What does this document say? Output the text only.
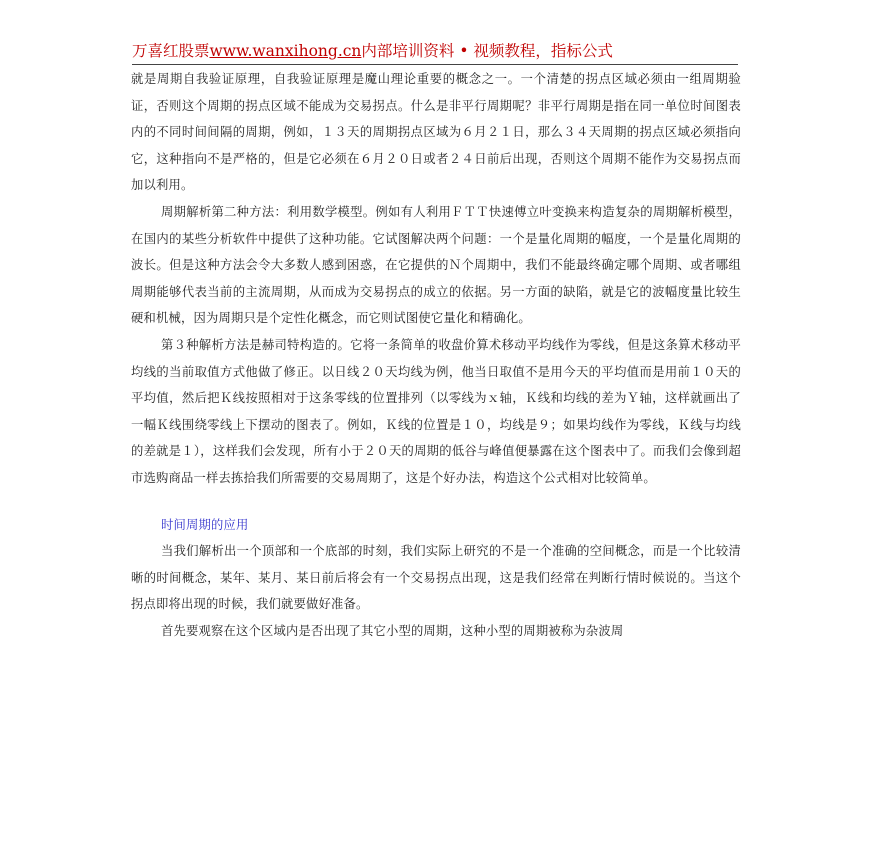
万喜红股票www.wanxihong.cn内部培训资料 • 视频教程，指标公式

就是周期自我验证原理，自我验证原理是魔山理论重要的概念之一。一个清楚的拐点区域必须由一组周期验证，否则这个周期的拐点区域不能成为交易拐点。什么是非平行周期呢？非平行周期是指在同一单位时间图表内的不同时间间隔的周期，例如，１３天的周期拐点区域为６月２１日，那么３４天周期的拐点区域必须指向它，这种指向不是严格的，但是它必须在６月２０日或者２４日前后出现，否则这个周期不能作为交易拐点而加以利用。

周期解析第二种方法：利用数学模型。例如有人利用ＦＴＴ快速傅立叶变换来构造复杂的周期解析模型，在国内的某些分析软件中提供了这种功能。它试图解决两个问题：一个是量化周期的幅度，一个是量化周期的波长。但是这种方法会令大多数人感到困惑，在它提供的Ｎ个周期中，我们不能最终确定哪个周期、或者哪组周期能够代表当前的主流周期，从而成为交易拐点的成立的依据。另一方面的缺陷，就是它的波幅度量比较生硬和机械，因为周期只是个定性化概念，而它则试图使它量化和精确化。

第３种解析方法是赫司特构造的。它将一条简单的收盘价算术移动平均线作为零线，但是这条算术移动平均线的当前取值方式他做了修正。以日线２０天均线为例，他当日取值不是用今天的平均值而是用前１０天的平均值，然后把Ｋ线按照相对于这条零线的位置排列（以零线为ｘ轴，Ｋ线和均线的差为Ｙ轴，这样就画出了一幅Ｋ线围绕零线上下摆动的图表了。例如，Ｋ线的位置是１０，均线是９；如果均线作为零线，Ｋ线与均线的差就是１），这样我们会发现，所有小于２０天的周期的低谷与峰值便暴露在这个图表中了。而我们会像到超市选购商品一样去拣拾我们所需要的交易周期了，这是个好办法，构造这个公式相对比较简单。

时间周期的应用

当我们解析出一个顶部和一个底部的时刻，我们实际上研究的不是一个准确的空间概念，而是一个比较清晰的时间概念，某年、某月、某日前后将会有一个交易拐点出现，这是我们经常在判断行情时候说的。当这个拐点即将出现的时候，我们就要做好准备。

首先要观察在这个区域内是否出现了其它小型的周期，这种小型的周期被称为杂波周
